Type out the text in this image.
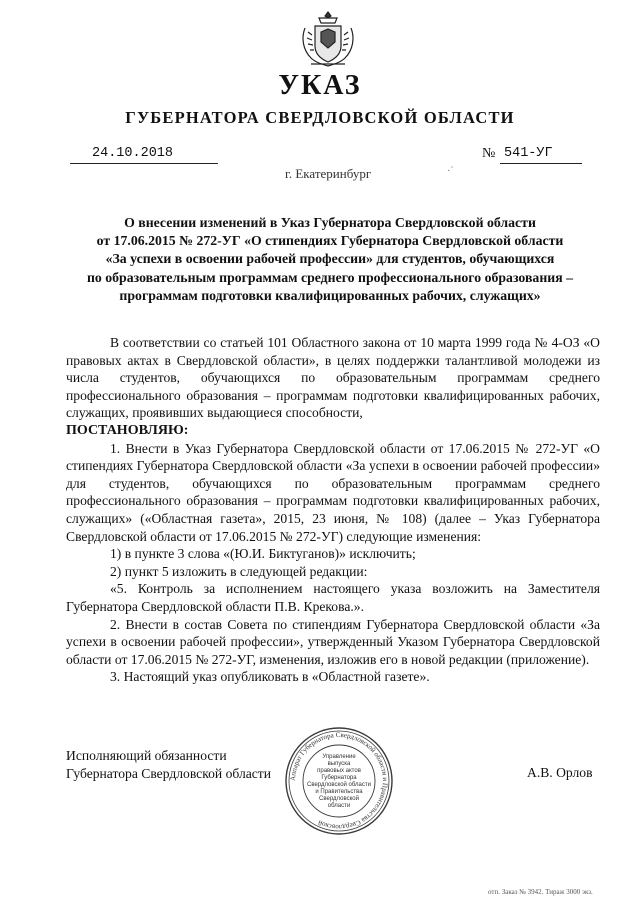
УКАЗ
ГУБЕРНАТОРА СВЕРДЛОВСКОЙ ОБЛАСТИ
24.10.2018	№ 541-УГ
г. Екатеринбург	·´
О внесении изменений в Указ Губернатора Свердловской области
от 17.06.2015 № 272-УГ «О стипендиях Губернатора Свердловской области
«За успехи в освоении рабочей профессии» для студентов, обучающихся
по образовательным программам среднего профессионального образования –
программам подготовки квалифицированных рабочих, служащих»

В соответствии со статьей 101 Областного закона от 10 марта 1999 года № 4-ОЗ «О правовых актах в Свердловской области», в целях поддержки талантливой молодежи из числа студентов, обучающихся по образовательным программам среднего профессионального образования – программам подготовки квалифицированных рабочих, служащих, проявивших выдающиеся способности,

ПОСТАНОВЛЯЮ:

1. Внести в Указ Губернатора Свердловской области от 17.06.2015 № 272-УГ «О стипендиях Губернатора Свердловской области «За успехи в освоении рабочей профессии» для студентов, обучающихся по образовательным программам среднего профессионального образования – программам подготовки квалифицированных рабочих, служащих» («Областная газета», 2015, 23 июня, № 108) (далее – Указ Губернатора Свердловской области от 17.06.2015 № 272-УГ) следующие изменения:

1) в пункте 3 слова «(Ю.И. Биктуганов)» исключить;

2) пункт 5 изложить в следующей редакции:

«5. Контроль за исполнением настоящего указа возложить на Заместителя Губернатора Свердловской области П.В. Крекова.».

2. Внести в состав Совета по стипендиям Губернатора Свердловской области «За успехи в освоении рабочей профессии», утвержденный Указом Губернатора Свердловской области от 17.06.2015 № 272-УГ, изменения, изложив его в новой редакции (приложение).

3. Настоящий указ опубликовать в «Областной газете».

Исполняющий обязанности
Губернатора Свердловской области	А.В. Орлов
Аппарат Губернатора Свердловской области и Правительства Свердловской
Управление
выпуска
правовых актов
Губернатора
Свердловской области
и Правительства
Свердловской
области
отп. Заказ № 3942. Тираж 3000 экз.
